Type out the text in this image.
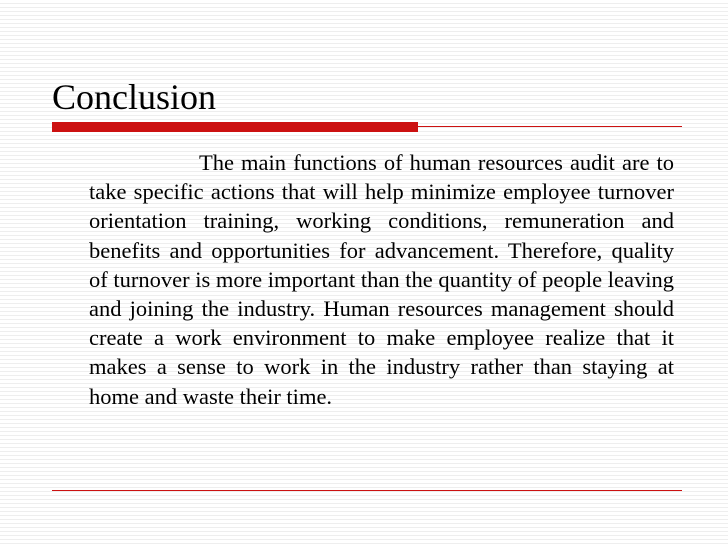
Conclusion

The main functions of human resources audit are to take specific actions that will help minimize employee turnover orientation training, working conditions, remuneration and benefits and opportunities for advancement. Therefore, quality of turnover is more important than the quantity of people leaving and joining the industry. Human resources management should create a work environment to make employee realize that it makes a sense to work in the industry rather than staying at home and waste their time.
